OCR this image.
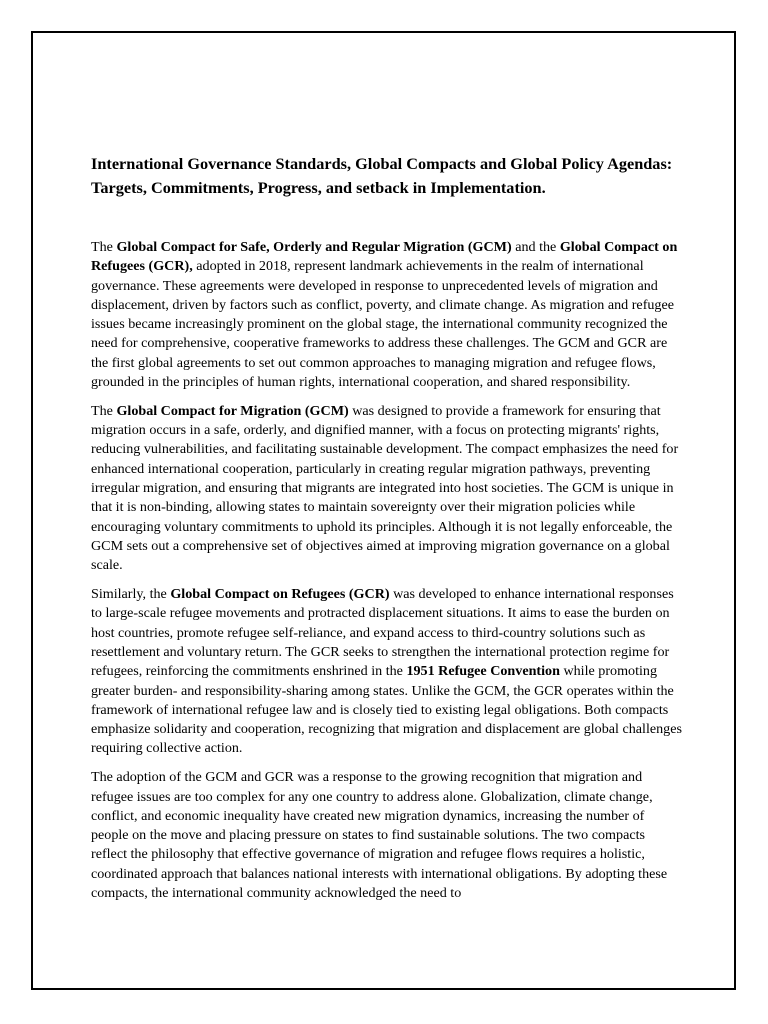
International Governance Standards, Global Compacts and Global Policy Agendas: Targets, Commitments, Progress, and setback in Implementation.

The Global Compact for Safe, Orderly and Regular Migration (GCM) and the Global Compact on Refugees (GCR), adopted in 2018, represent landmark achievements in the realm of international governance. These agreements were developed in response to unprecedented levels of migration and displacement, driven by factors such as conflict, poverty, and climate change. As migration and refugee issues became increasingly prominent on the global stage, the international community recognized the need for comprehensive, cooperative frameworks to address these challenges. The GCM and GCR are the first global agreements to set out common approaches to managing migration and refugee flows, grounded in the principles of human rights, international cooperation, and shared responsibility.

The Global Compact for Migration (GCM) was designed to provide a framework for ensuring that migration occurs in a safe, orderly, and dignified manner, with a focus on protecting migrants' rights, reducing vulnerabilities, and facilitating sustainable development. The compact emphasizes the need for enhanced international cooperation, particularly in creating regular migration pathways, preventing irregular migration, and ensuring that migrants are integrated into host societies. The GCM is unique in that it is non-binding, allowing states to maintain sovereignty over their migration policies while encouraging voluntary commitments to uphold its principles. Although it is not legally enforceable, the GCM sets out a comprehensive set of objectives aimed at improving migration governance on a global scale.

Similarly, the Global Compact on Refugees (GCR) was developed to enhance international responses to large-scale refugee movements and protracted displacement situations. It aims to ease the burden on host countries, promote refugee self-reliance, and expand access to third-country solutions such as resettlement and voluntary return. The GCR seeks to strengthen the international protection regime for refugees, reinforcing the commitments enshrined in the 1951 Refugee Convention while promoting greater burden- and responsibility-sharing among states. Unlike the GCM, the GCR operates within the framework of international refugee law and is closely tied to existing legal obligations. Both compacts emphasize solidarity and cooperation, recognizing that migration and displacement are global challenges requiring collective action.

The adoption of the GCM and GCR was a response to the growing recognition that migration and refugee issues are too complex for any one country to address alone. Globalization, climate change, conflict, and economic inequality have created new migration dynamics, increasing the number of people on the move and placing pressure on states to find sustainable solutions. The two compacts reflect the philosophy that effective governance of migration and refugee flows requires a holistic, coordinated approach that balances national interests with international obligations. By adopting these compacts, the international community acknowledged the need to
